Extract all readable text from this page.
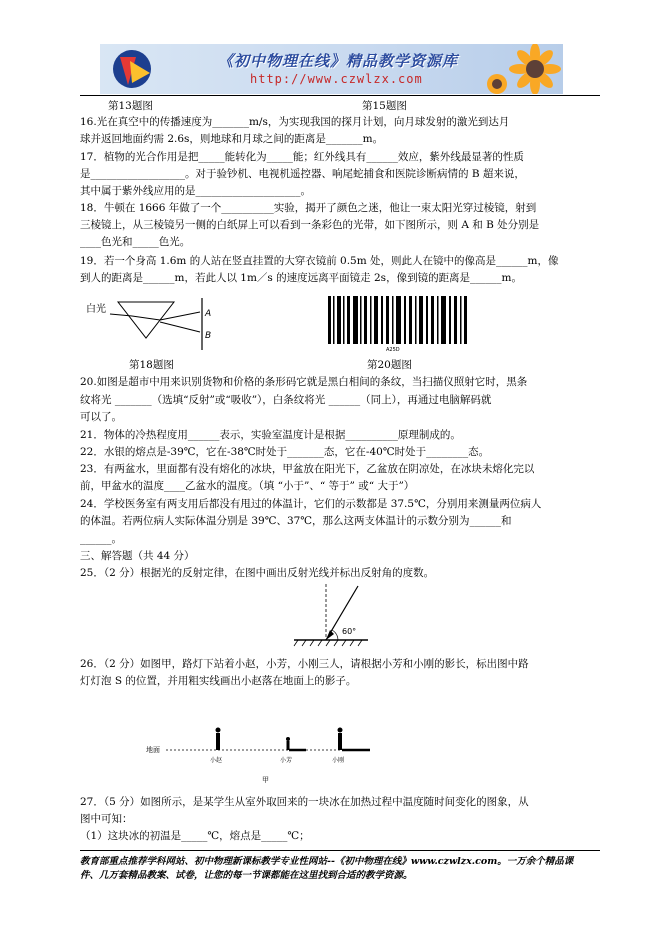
《初中物理在线》精品教学资源库
http://www.czwlzx.com
第13题图	第15题图
16.光在真空中的传播速度为_______m/s，为实现我国的探月计划，向月球发射的激光到达月
球并返回地面约需 2.6s，则地球和月球之间的距离是_______m。
17．植物的光合作用是把_____能转化为_____能；红外线具有______效应，紫外线最显著的性质
是__________________。对于验钞机、电视机遥控器、响尾蛇捕食和医院诊断病情的 B 超来说，
其中属于紫外线应用的是____________________。
18．牛顿在 1666 年做了一个__________实验，揭开了颜色之迷，他让一束太阳光穿过棱镜，射到
三棱镜上，从三棱镜另一侧的白纸屏上可以看到一条彩色的光带，如下图所示，则 A 和 B 处分别是
____色光和_____色光。
19．若一个身高 1.6m 的人站在竖直挂置的大穿衣镜前 0.5m 处，则此人在镜中的像高是______m，像
到人的距离是______m，若此人以 1m／s 的速度远离平面镜走 2s，像到镜的距离是______m。
白光	A
B
A25D
第18题图	第20题图
20.如图是超市中用来识别货物和价格的条形码它就是黑白相间的条纹，当扫描仪照射它时，黑条
纹将光 _______（选填“反射”或“吸收”），白条纹将光 ______（同上），再通过电脑解码就
可以了。
21．物体的冷热程度用______表示，实验室温度计是根据__________原理制成的。
22．水银的熔点是-39℃，它在-38℃时处于_______态，它在-40℃时处于________态。
23．有两盆水，里面都有没有熔化的冰块，甲盆放在阳光下，乙盆放在阴凉处，在冰块未熔化完以
前，甲盆水的温度____乙盆水的温度。（填 “小于”、“ 等于” 或“ 大于”）
24．学校医务室有两支用后都没有甩过的体温计，它们的示数都是 37.5℃，分别用来测量两位病人
的体温。若两位病人实际体温分别是 39℃、37℃，那么这两支体温计的示数分别为______和
______。
三、解答题（共 44 分）
25．（2 分）根据光的反射定律，在图中画出反射光线并标出反射角的度数。
60°
26．（2 分）如图甲，路灯下站着小赵，小芳，小刚三人，请根据小芳和小刚的影长，标出图中路
灯灯泡 S 的位置，并用粗实线画出小赵落在地面上的影子。
地面
小赵	小芳	小刚
甲
27．（5 分）如图所示，是某学生从室外取回来的一块冰在加热过程中温度随时间变化的图象，从
图中可知：
（1）这块冰的初温是_____℃，熔点是_____℃；
教育部重点推荐学科网站、初中物理新课标教学专业性网站--《初中物理在线》www.czwlzx.com。一万余个精品课
件、几万套精品教案、试卷，让您的每一节课都能在这里找到合适的教学资源。
